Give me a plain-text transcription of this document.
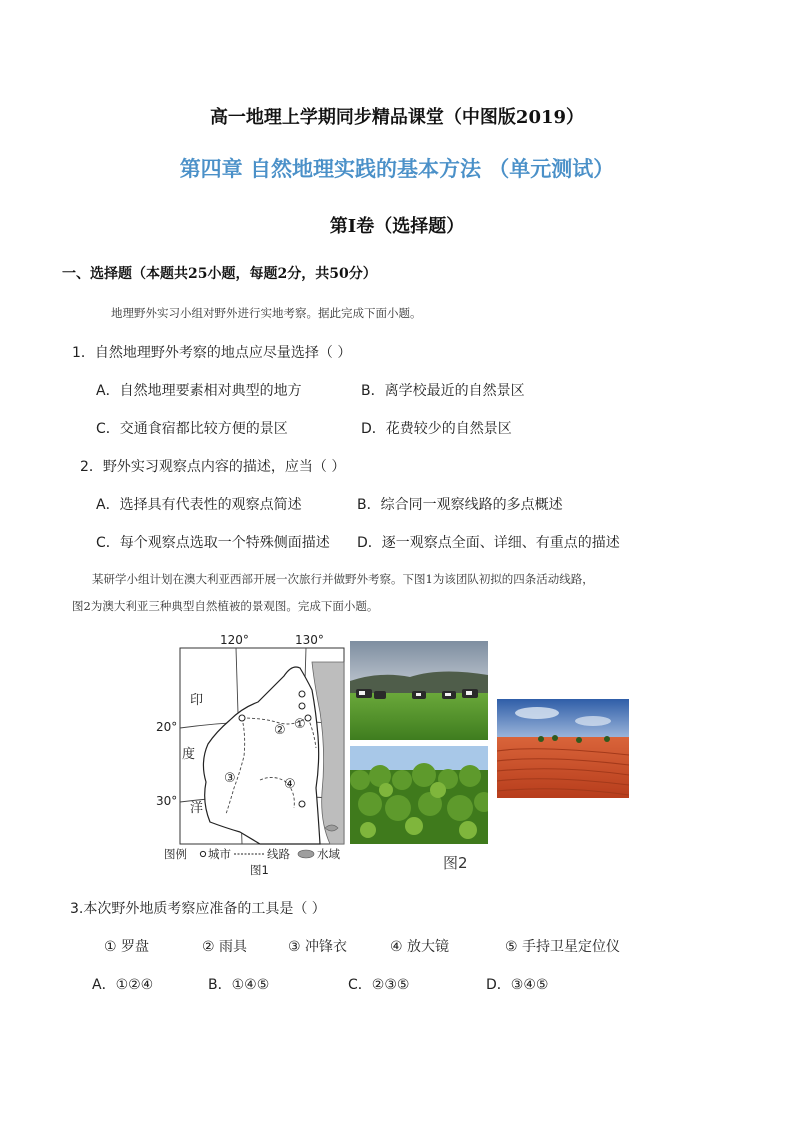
高一地理上学期同步精品课堂（中图版2019）
第四章 自然地理实践的基本方法 （单元测试）
第I卷（选择题）
一、选择题（本题共25小题，每题2分，共50分）
地理野外实习小组对野外进行实地考察。据此完成下面小题。
1．自然地理野外考察的地点应尽量选择（ ）
A．自然地理要素相对典型的地方	B．离学校最近的自然景区
C．交通食宿都比较方便的景区	D．花费较少的自然景区
2．野外实习观察点内容的描述，应当（ ）
A．选择具有代表性的观察点简述	B．综合同一观察线路的多点概述
C．每个观察点选取一个特殊侧面描述 D．逐一观察点全面、详细、有重点的描述
某研学小组计划在澳大利亚西部开展一次旅行并做野外考察。下图1为该团队初拟的四条活动线路，
图2为澳大利亚三种典型自然植被的景观图。完成下面小题。
120°	130°
20°
30°
印
度
洋
①
②
③	④
图例 城市	线路 水域
图1	图2
3.本次野外地质考察应准备的工具是（ ）
① 罗盘	② 雨具	③ 冲锋衣	④ 放大镜	⑤ 手持卫星定位仪
A．①②④	B．①④⑤	C．②③⑤	D．③④⑤
